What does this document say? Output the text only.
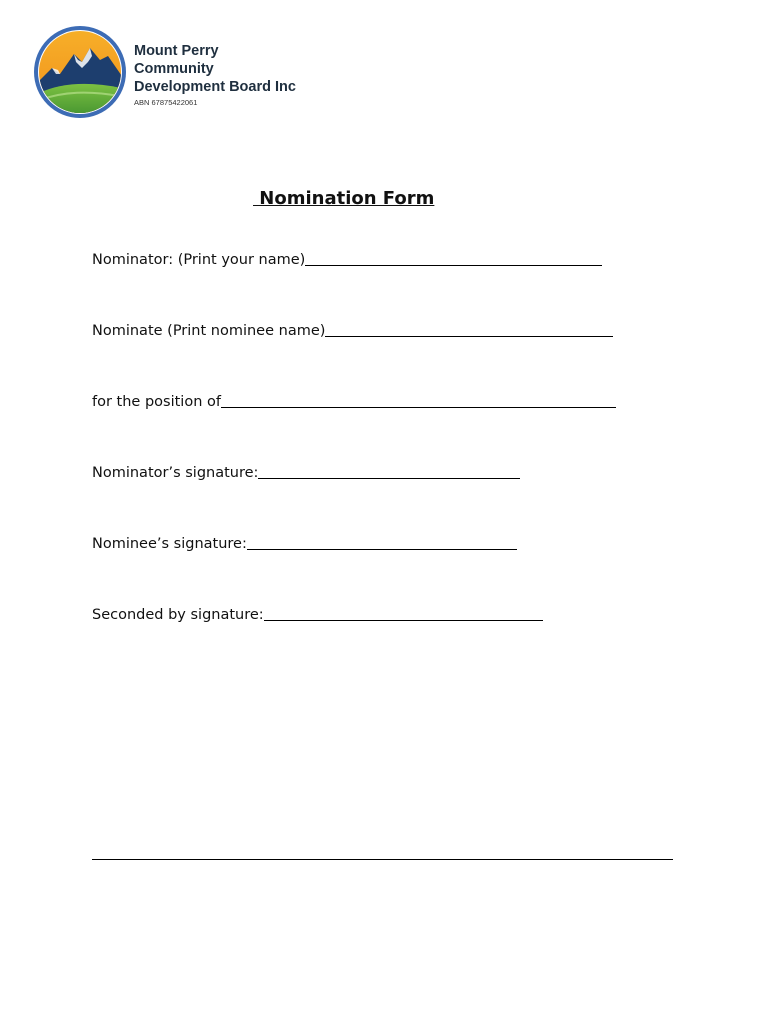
Mount Perry
Community
Development Board Inc
ABN 67875422061
Nomination Form
Nominator: (Print your name)
Nominate (Print nominee name)
for the position of
Nominator’s signature:
Nominee’s signature:
Seconded by signature:
